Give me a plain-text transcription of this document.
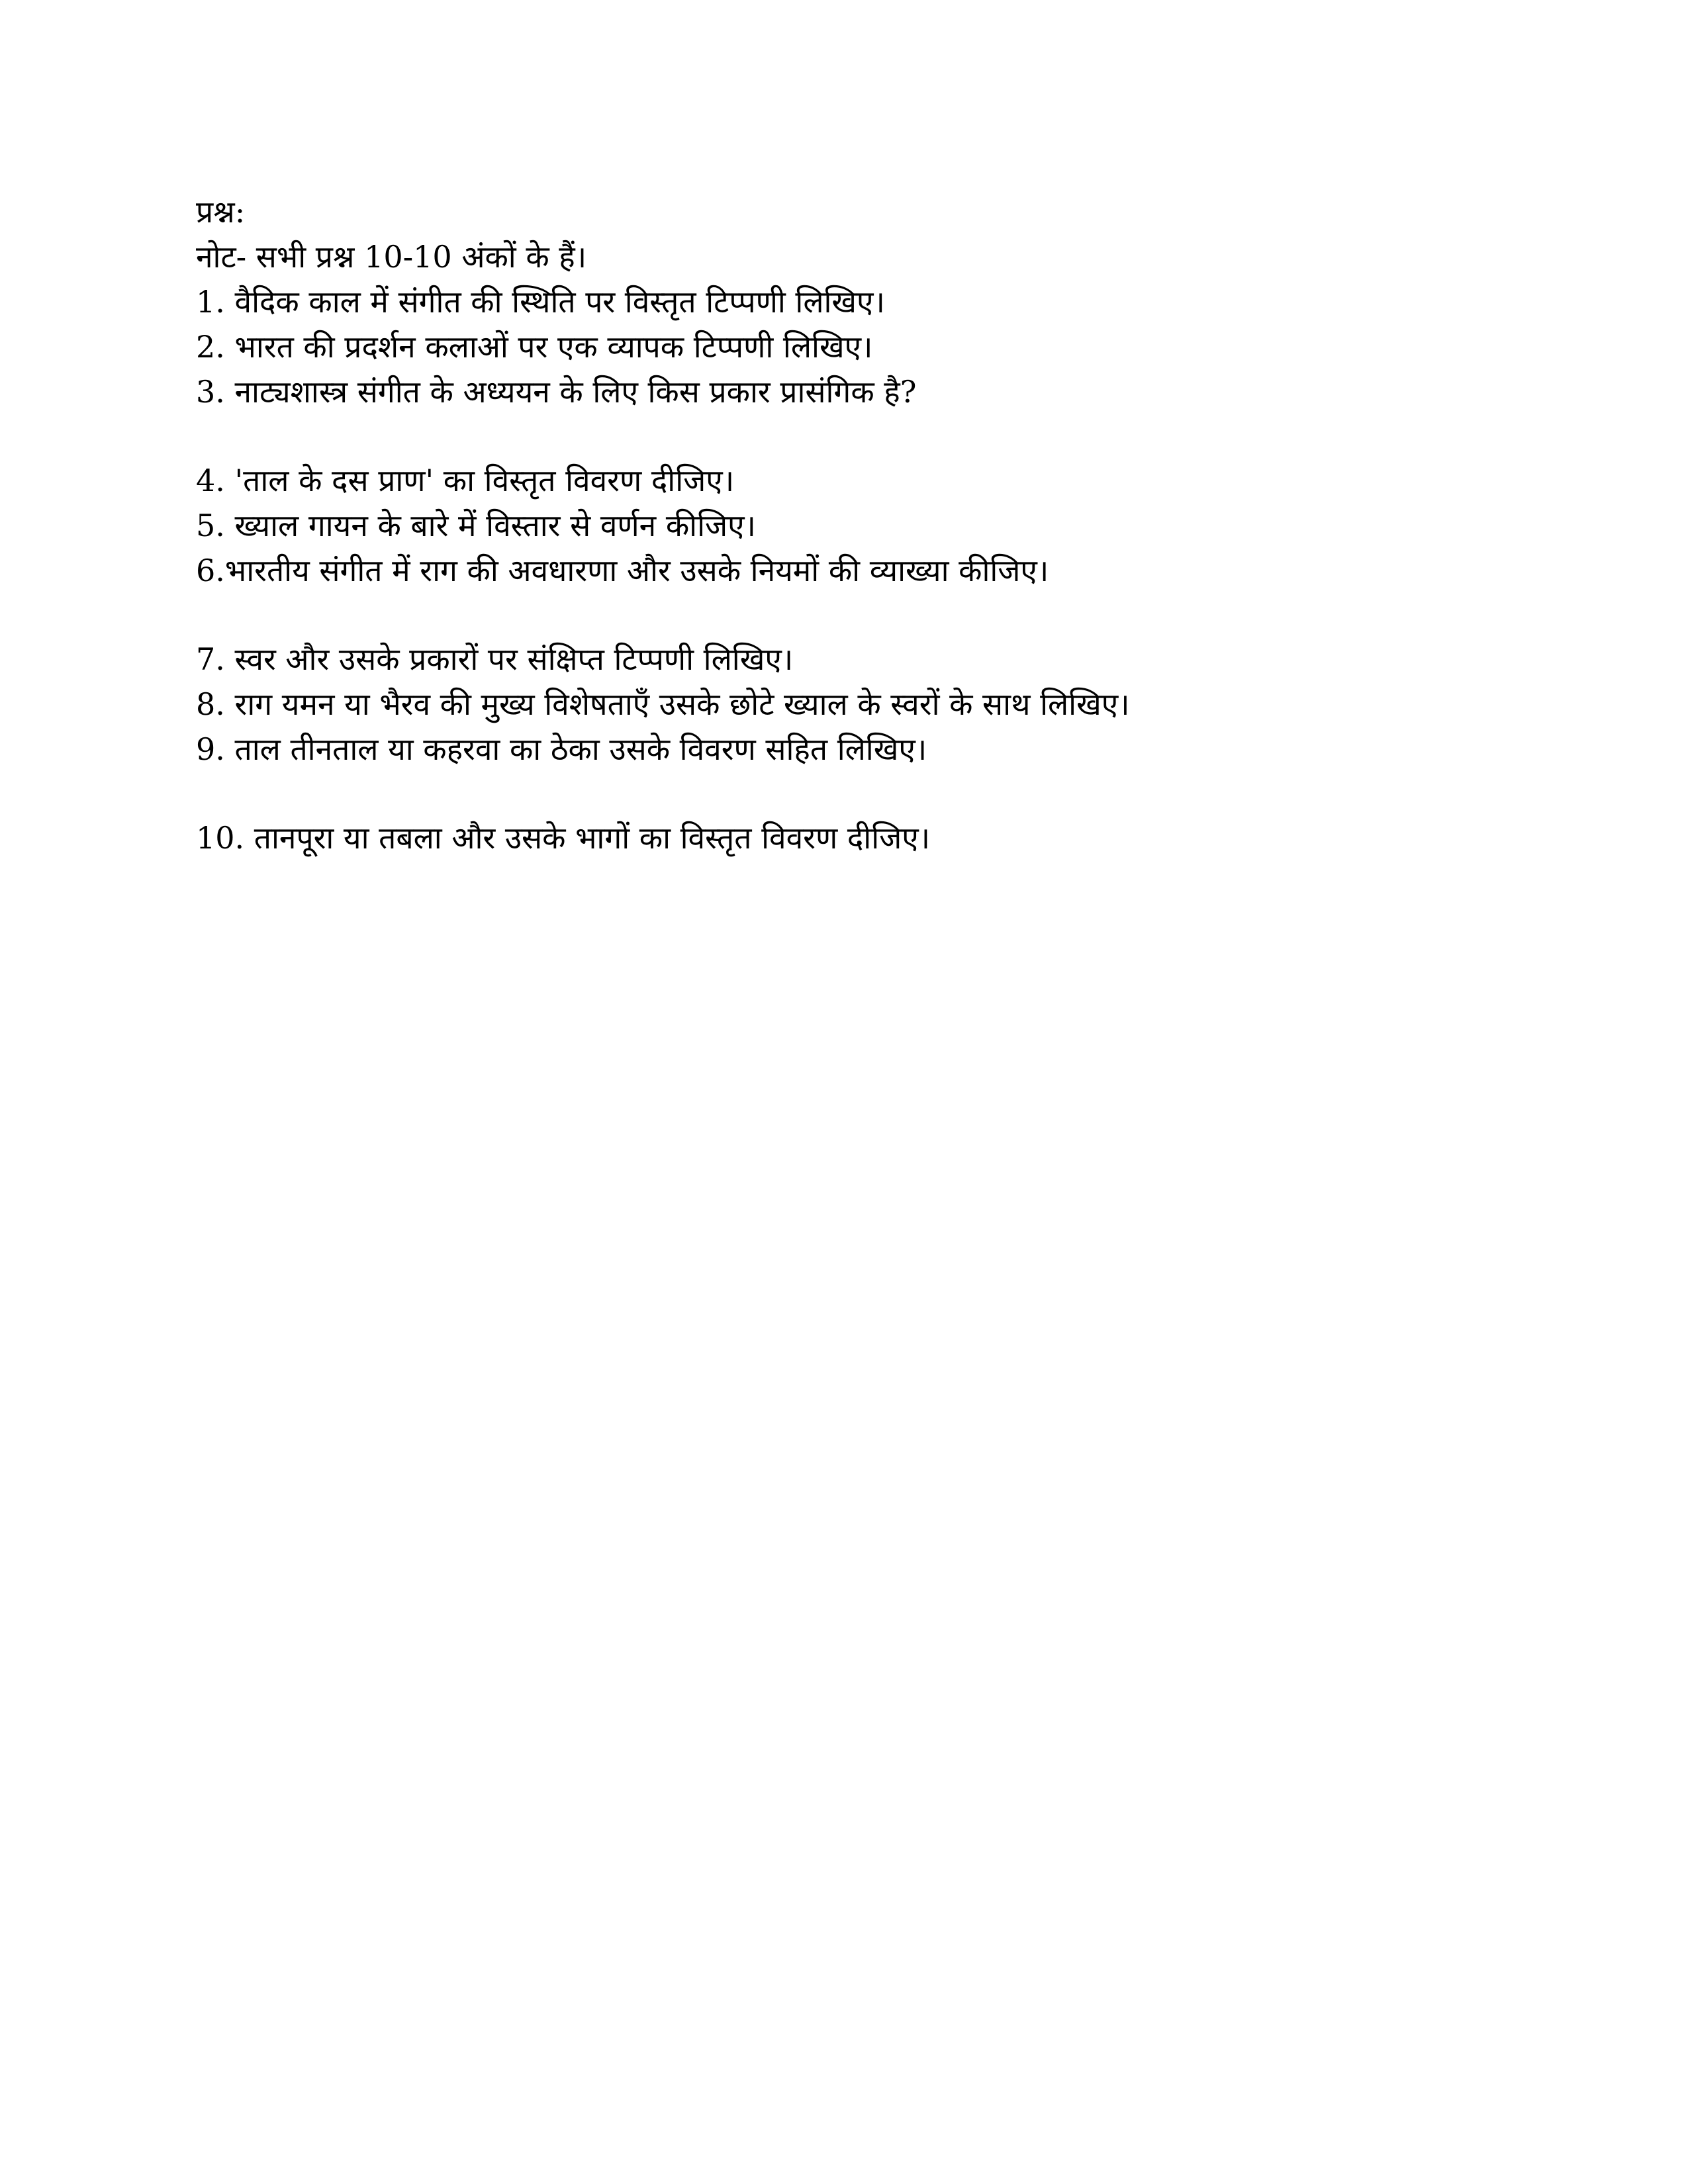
प्रश्न:
नोट- सभी प्रश्न 10-10 अंकों के हैं।
1. वैदिक काल में संगीत की स्थिति पर विस्तृत टिप्पणी लिखिए।
2. भारत की प्रदर्शन कलाओं पर एक व्यापक टिप्पणी लिखिए।
3. नाट्यशास्त्र संगीत के अध्ययन के लिए किस प्रकार प्रासंगिक है?
4. 'ताल के दस प्राण' का विस्तृत विवरण दीजिए।
5. ख्याल गायन के बारे में विस्तार से वर्णन कीजिए।
6.भारतीय संगीत में राग की अवधारणा और उसके नियमों की व्याख्या कीजिए।
7. स्वर और उसके प्रकारों पर संक्षिप्त टिप्पणी लिखिए।
8. राग यमन या भैरव की मुख्य विशेषताएँ उसके छोटे ख्याल के स्वरों के साथ लिखिए।
9. ताल तीनताल या कहरवा का ठेका उसके विवरण सहित लिखिए।
10. तानपूरा या तबला और उसके भागों का विस्तृत विवरण दीजिए।
